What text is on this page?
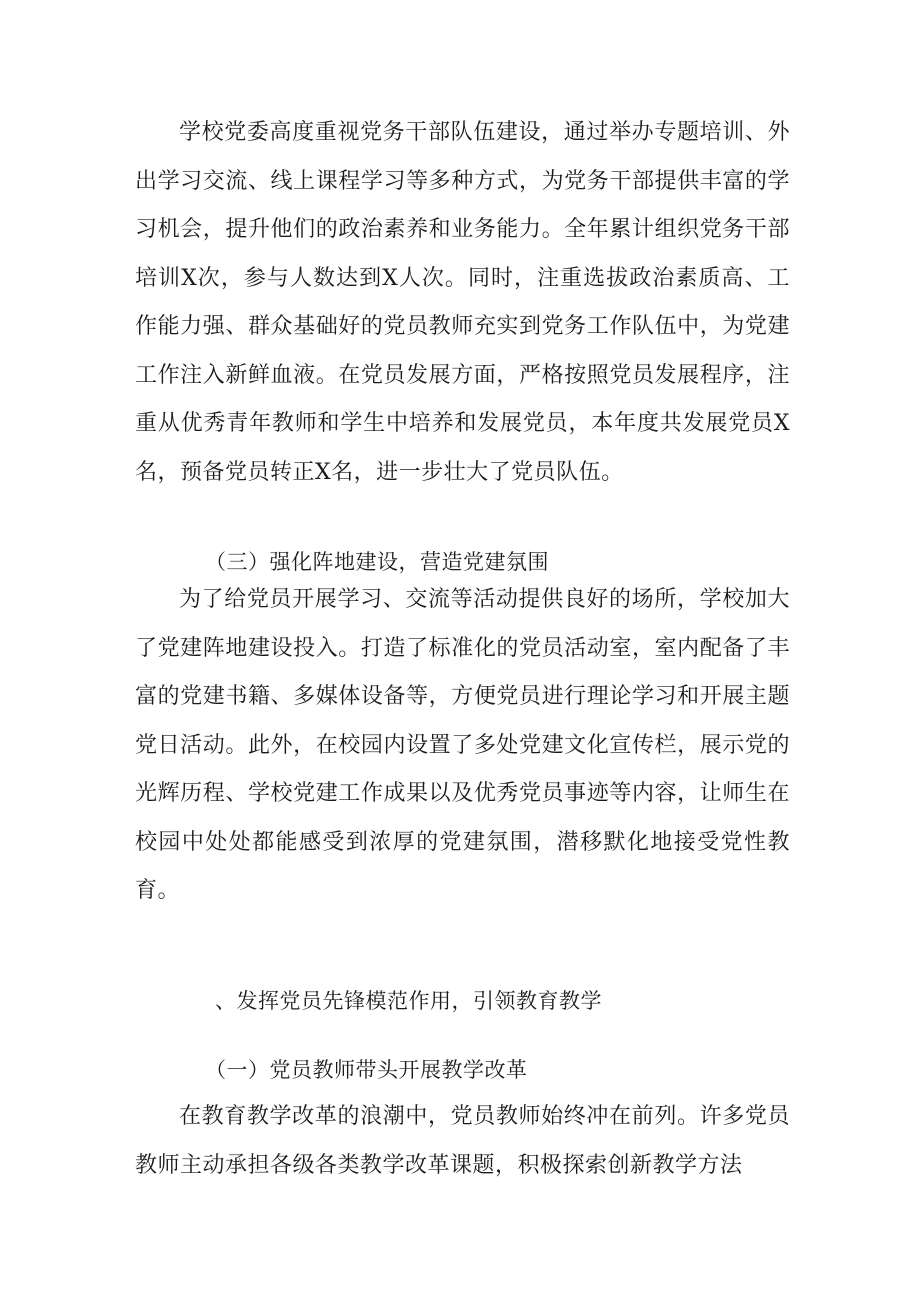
学校党委高度重视党务干部队伍建设，通过举办专题培训、外出学习交流、线上课程学习等多种方式，为党务干部提供丰富的学习机会，提升他们的政治素养和业务能力。全年累计组织党务干部培训X次，参与人数达到X人次。同时，注重选拔政治素质高、工作能力强、群众基础好的党员教师充实到党务工作队伍中，为党建工作注入新鲜血液。在党员发展方面，严格按照党员发展程序，注重从优秀青年教师和学生中培养和发展党员，本年度共发展党员X名，预备党员转正X名，进一步壮大了党员队伍。

（三）强化阵地建设，营造党建氛围

为了给党员开展学习、交流等活动提供良好的场所，学校加大了党建阵地建设投入。打造了标准化的党员活动室，室内配备了丰富的党建书籍、多媒体设备等，方便党员进行理论学习和开展主题党日活动。此外，在校园内设置了多处党建文化宣传栏，展示党的光辉历程、学校党建工作成果以及优秀党员事迹等内容，让师生在校园中处处都能感受到浓厚的党建氛围，潜移默化地接受党性教育。

、发挥党员先锋模范作用，引领教育教学
（一）党员教师带头开展教学改革

在教育教学改革的浪潮中，党员教师始终冲在前列。许多党员教师主动承担各级各类教学改革课题，积极探索创新教学方法
